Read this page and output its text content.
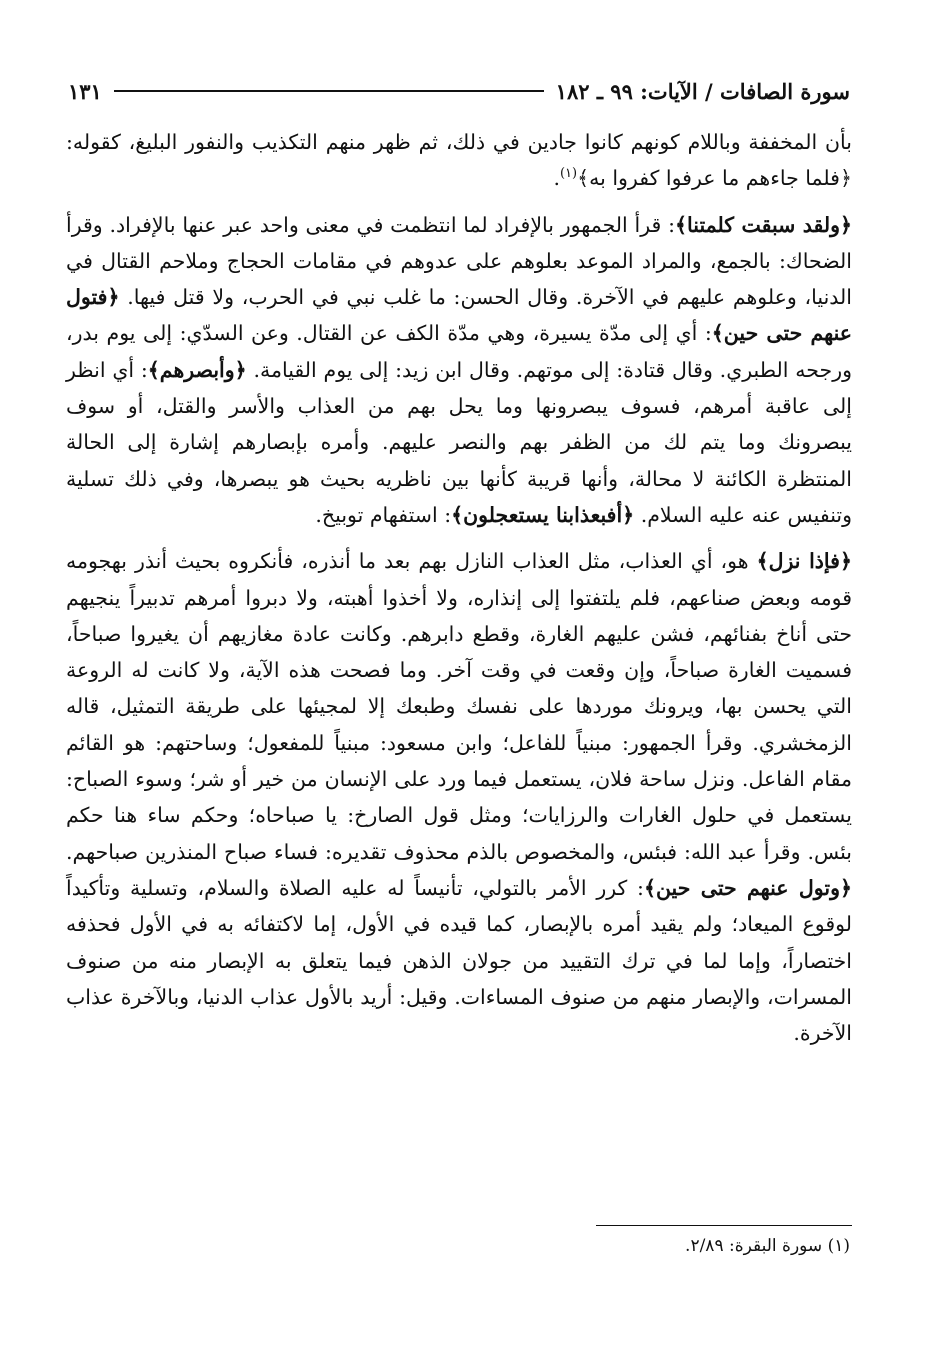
سورة الصافات / الآيات: ٩٩ ـ ١٨٢
١٣١

بأن المخففة وباللام كونهم كانوا جادين في ذلك، ثم ظهر منهم التكذيب والنفور البليغ، كقوله: ﴿فلما جاءهم ما عرفوا كفروا به﴾$^{(١)}$.

﴿ولقد سبقت كلمتنا﴾: قرأ الجمهور بالإفراد لما انتظمت في معنى واحد عبر عنها بالإفراد. وقرأ الضحاك: بالجمع، والمراد الموعد بعلوهم على عدوهم في مقامات الحجاج وملاحم القتال في الدنيا، وعلوهم عليهم في الآخرة. وقال الحسن: ما غلب نبي في الحرب، ولا قتل فيها. ﴿فتول عنهم حتى حين﴾: أي إلى مدّة يسيرة، وهي مدّة الكف عن القتال. وعن السدّي: إلى يوم بدر، ورجحه الطبري. وقال قتادة: إلى موتهم. وقال ابن زيد: إلى يوم القيامة. ﴿وأبصرهم﴾: أي انظر إلى عاقبة أمرهم، فسوف يبصرونها وما يحل بهم من العذاب والأسر والقتل، أو سوف يبصرونك وما يتم لك من الظفر بهم والنصر عليهم. وأمره بإبصارهم إشارة إلى الحالة المنتظرة الكائنة لا محالة، وأنها قريبة كأنها بين ناظريه بحيث هو يبصرها، وفي ذلك تسلية وتنفيس عنه عليه السلام. ﴿أفبعذابنا يستعجلون﴾: استفهام توبيخ.

﴿فإذا نزل﴾ هو، أي العذاب، مثل العذاب النازل بهم بعد ما أنذره، فأنكروه بحيث أنذر بهجومه قومه وبعض صناعهم، فلم يلتفتوا إلى إنذاره، ولا أخذوا أهبته، ولا دبروا أمرهم تدبيراً ينجيهم حتى أناخ بفنائهم، فشن عليهم الغارة، وقطع دابرهم. وكانت عادة مغازيهم أن يغيروا صباحاً، فسميت الغارة صباحاً، وإن وقعت في وقت آخر. وما فصحت هذه الآية، ولا كانت له الروعة التي يحسن بها، ويرونك موردها على نفسك وطبعك إلا لمجيئها على طريقة التمثيل، قاله الزمخشري. وقرأ الجمهور: مبنياً للفاعل؛ وابن مسعود: مبنياً للمفعول؛ وساحتهم: هو القائم مقام الفاعل. ونزل ساحة فلان، يستعمل فيما ورد على الإنسان من خير أو شر؛ وسوء الصباح: يستعمل في حلول الغارات والرزايات؛ ومثل قول الصارخ: يا صباحاه؛ وحكم ساء هنا حكم بئس. وقرأ عبد الله: فبئس، والمخصوص بالذم محذوف تقديره: فساء صباح المنذرين صباحهم. ﴿وتول عنهم حتى حين﴾: كرر الأمر بالتولي، تأنيساً له عليه الصلاة والسلام، وتسلية وتأكيداً لوقوع الميعاد؛ ولم يقيد أمره بالإبصار، كما قيده في الأول، إما لاكتفائه به في الأول فحذفه اختصاراً، وإما لما في ترك التقييد من جولان الذهن فيما يتعلق به الإبصار منه من صنوف المسرات، والإبصار منهم من صنوف المساءات. وقيل: أريد بالأول عذاب الدنيا، وبالآخرة عذاب الآخرة.

(١) سورة البقرة: ٢/٨٩.
